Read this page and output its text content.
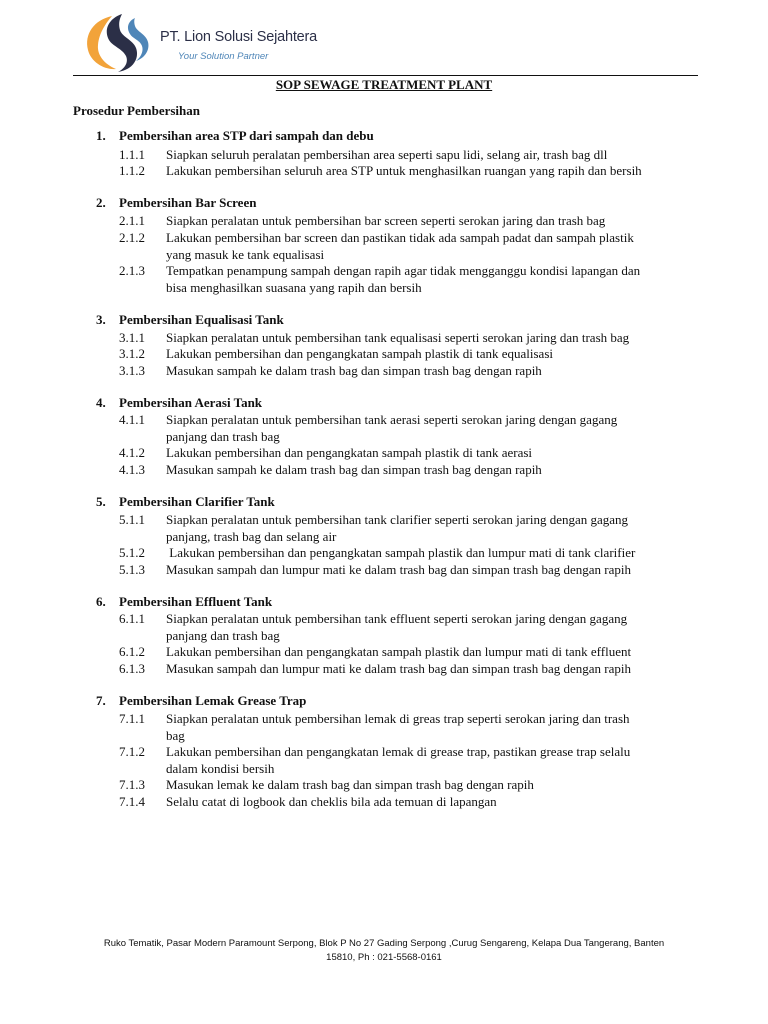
PT. Lion Solusi Sejahtera
Your Solution Partner
SOP SEWAGE TREATMENT PLANT
Prosedur Pembersihan
1. Pembersihan area STP dari sampah dan debu
1.1.1 Siapkan seluruh peralatan pembersihan area seperti sapu lidi, selang air, trash bag dll
1.1.2 Lakukan pembersihan seluruh area STP untuk menghasilkan ruangan yang rapih dan bersih
2. Pembersihan Bar Screen
2.1.1 Siapkan peralatan untuk pembersihan bar screen seperti serokan jaring dan trash bag
2.1.2 Lakukan pembersihan bar screen dan pastikan tidak ada sampah padat dan sampah plastik
yang masuk ke tank equalisasi
2.1.3 Tempatkan penampung sampah dengan rapih agar tidak mengganggu kondisi lapangan dan
bisa menghasilkan suasana yang rapih dan bersih
3. Pembersihan Equalisasi Tank
3.1.1 Siapkan peralatan untuk pembersihan tank equalisasi seperti serokan jaring dan trash bag
3.1.2 Lakukan pembersihan dan pengangkatan sampah plastik di tank equalisasi
3.1.3 Masukan sampah ke dalam trash bag dan simpan trash bag dengan rapih
4. Pembersihan Aerasi Tank
4.1.1 Siapkan peralatan untuk pembersihan tank aerasi seperti serokan jaring dengan gagang
panjang dan trash bag
4.1.2 Lakukan pembersihan dan pengangkatan sampah plastik di tank aerasi
4.1.3 Masukan sampah ke dalam trash bag dan simpan trash bag dengan rapih
5. Pembersihan Clarifier Tank
5.1.1 Siapkan peralatan untuk pembersihan tank clarifier seperti serokan jaring dengan gagang
panjang, trash bag dan selang air
5.1.2 Lakukan pembersihan dan pengangkatan sampah plastik dan lumpur mati di tank clarifier
5.1.3 Masukan sampah dan lumpur mati ke dalam trash bag dan simpan trash bag dengan rapih
6. Pembersihan Effluent Tank
6.1.1 Siapkan peralatan untuk pembersihan tank effluent seperti serokan jaring dengan gagang
panjang dan trash bag
6.1.2 Lakukan pembersihan dan pengangkatan sampah plastik dan lumpur mati di tank effluent
6.1.3 Masukan sampah dan lumpur mati ke dalam trash bag dan simpan trash bag dengan rapih
7. Pembersihan Lemak Grease Trap
7.1.1 Siapkan peralatan untuk pembersihan lemak di greas trap seperti serokan jaring dan trash
bag
7.1.2 Lakukan pembersihan dan pengangkatan lemak di grease trap, pastikan grease trap selalu
dalam kondisi bersih
7.1.3 Masukan lemak ke dalam trash bag dan simpan trash bag dengan rapih
7.1.4 Selalu catat di logbook dan cheklis bila ada temuan di lapangan
Ruko Tematik, Pasar Modern Paramount Serpong, Blok P No 27 Gading Serpong ,Curug Sengareng, Kelapa Dua Tangerang, Banten
15810, Ph : 021-5568-0161
